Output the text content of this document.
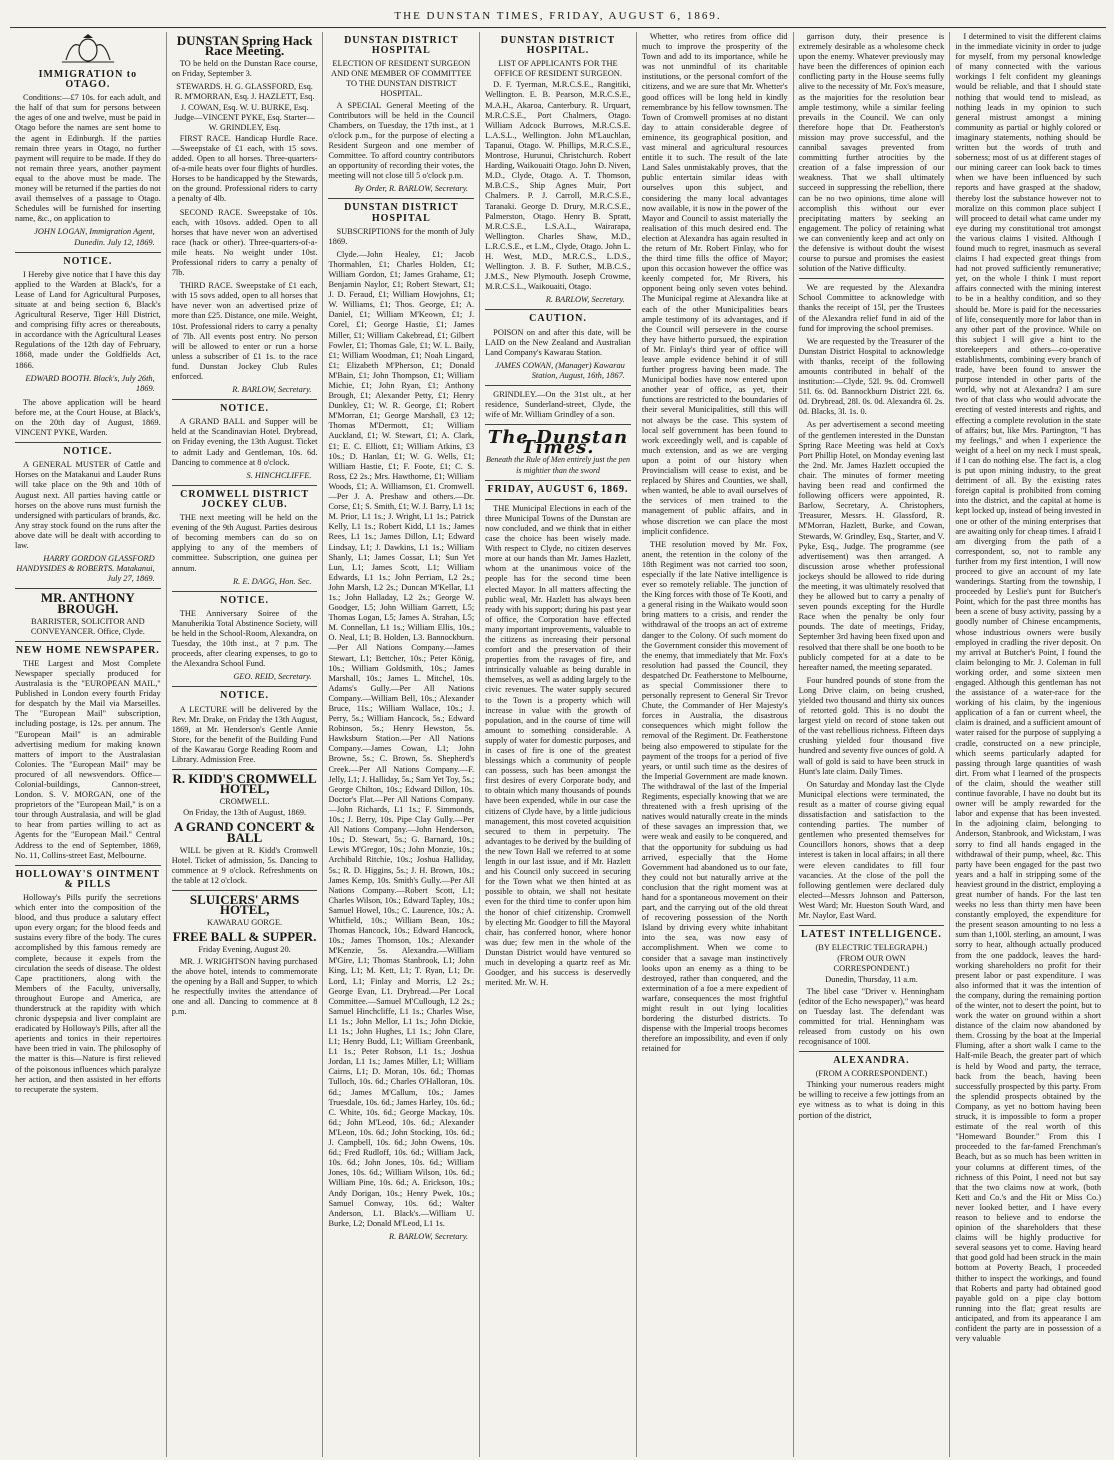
THE DUNSTAN TIMES, FRIDAY, AUGUST 6, 1869.
IMMIGRATION to OTAGO.

Conditions:—£7 10s. for each adult, and the half of that sum for persons between the ages of one and twelve, must be paid in Otago before the names are sent home to the agent in Edinburgh. If the parties remain three years in Otago, no further payment will require to be made. If they do not remain three years, another payment equal to the above must be made. The money will be returned if the parties do not avail themselves of a passage to Otago. Schedules will be furnished for inserting name, &c., on application to

JOHN LOGAN, Immigration Agent, Dunedin. July 12, 1869.
NOTICE.

I Hereby give notice that I have this day applied to the Warden at Black's, for a Lease of Land for Agricultural Purposes, situate at and being section 6, Black's Agricultural Reserve, Tiger Hill District, and comprising fifty acres or thereabouts, in accordance with the Agricultural Leases Regulations of the 12th day of February, 1868, made under the Goldfields Act, 1866.

EDWARD BOOTH. Black's, July 26th, 1869.

The above application will be heard before me, at the Court House, at Black's, on the 20th day of August, 1869. VINCENT PYKE, Warden.

NOTICE.

A GENERAL MUSTER of Cattle and Horses on the Matakanui and Lauder Runs will take place on the 9th and 10th of August next. All parties having cattle or horses on the above runs must furnish the undersigned with particulars of brands, &c. Any stray stock found on the runs after the above date will be dealt with according to law.

HARRY GORDON GLASSFORD HANDYSIDES & ROBERTS. Matakanui, July 27, 1869.
MR. ANTHONY BROUGH.
BARRISTER, SOLICITOR AND CONVEYANCER. Office, Clyde.
NEW HOME NEWSPAPER.

THE Largest and Most Complete Newspaper specially produced for Australasia is the "EUROPEAN MAIL," Published in London every fourth Friday for despatch by the Mail via Marseilles. The "European Mail" subscription, including postage, is 12s. per annum. The "European Mail" is an admirable advertising medium for making known matters of import to the Australasian Colonies. The "European Mail" may be procured of all newsvendors. Office—Colonial-buildings, Cannon-street, London. S. V. MORGAN, one of the proprietors of the "European Mail," is on a tour through Australasia, and will be glad to hear from parties willing to act as Agents for the "European Mail." Central Address to the end of September, 1869, No. 11, Collins-street East, Melbourne.

HOLLOWAY'S OINTMENT & PILLS

Holloway's Pills purify the secretions which enter into the composition of the blood, and thus produce a salutary effect upon every organ; for the blood feeds and sustains every fibre of the body. The cures accomplished by this famous remedy are complete, because it expels from the circulation the seeds of disease. The oldest Cape practitioners, along with the Members of the Faculty, universally, throughout Europe and America, are thunderstruck at the rapidity with which chronic dyspepsia and liver complaint are eradicated by Holloway's Pills, after all the aperients and tonics in their repertoires have been tried in vain. The philosophy of the matter is this—Nature is first relieved of the poisonous influences which paralyze her action, and then assisted in her efforts to recuperate the system.

DUNSTAN Spring Hack Race Meeting.

TO be held on the Dunstan Race course, on Friday, September 3.

STEWARDS. H. G. GLASSFORD, Esq. R. M'MORRAN, Esq. J. HAZLETT, Esq. J. COWAN, Esq. W. U. BURKE, Esq. Judge—VINCENT PYKE, Esq. Starter—W. GRINDLEY, Esq.

FIRST RACE. Handicap Hurdle Race.—Sweepstake of £1 each, with 15 sovs. added. Open to all horses. Three-quarters-of-a-mile heats over four flights of hurdles. Horses to be handicapped by the Stewards, on the ground. Professional riders to carry a penalty of 4lb.

SECOND RACE. Sweepstake of 10s. each, with 10sovs. added. Open to all horses that have never won an advertised race (hack or other). Three-quarters-of-a-mile heats. No weight under 10st. Professional riders to carry a penalty of 7lb.

THIRD RACE. Sweepstake of £1 each, with 15 sovs added, open to all horses that have never won an advertised prize of more than £25. Distance, one mile. Weight, 10st. Professional riders to carry a penalty of 7lb. All events post entry. No person will be allowed to enter or run a horse unless a subscriber of £1 1s. to the race fund. Dunstan Jockey Club Rules enforced.

R. BARLOW, Secretary.
NOTICE.

A GRAND BALL and Supper will be held at the Scandinavian Hotel. Drybread, on Friday evening, the 13th August. Ticket to admit Lady and Gentleman, 10s. 6d. Dancing to commence at 8 o'clock.

S. HINCHCLIFFE.
CROMWELL DISTRICT JOCKEY CLUB.

THE next meeting will be held on the evening of the 9th August. Parties desirous of becoming members can do so on applying to any of the members of committee. Subscription, one guinea per annum.

R. E. DAGG, Hon. Sec.
NOTICE.

THE Anniversary Soiree of the Manuherikia Total Abstinence Society, will be held in the School-Room, Alexandra, on Tuesday, the 10th inst., at 7 p.m. The proceeds, after clearing expenses, to go to the Alexandra School Fund.

GEO. REID, Secretary.
NOTICE.

A LECTURE will be delivered by the Rev. Mr. Drake, on Friday the 13th August, 1869, at Mr. Henderson's Gentle Annie Store, for the benefit of the Building Fund of the Kawarau Gorge Reading Room and Library. Admission Free.

R. KIDD'S CROMWELL HOTEL,
CROMWELL.
On Friday, the 13th of August, 1869.
A GRAND CONCERT & BALL

WILL be given at R. Kidd's Cromwell Hotel. Ticket of admission, 5s. Dancing to commence at 9 o'clock. Refreshments on the table at 12 o'clock.

SLUICERS' ARMS HOTEL,
KAWARAU GORGE.
FREE BALL & SUPPER.
Friday Evening, August 20.

MR. J. WRIGHTSON having purchased the above hotel, intends to commemorate the opening by a Ball and Supper, to which he respectfully invites the attendance of one and all. Dancing to commence at 8 p.m.

DUNSTAN DISTRICT HOSPITAL
ELECTION OF RESIDENT SURGEON AND ONE MEMBER OF COMMITTEE TO THE DUNSTAN DISTRICT HOSPITAL.

A SPECIAL General Meeting of the Contributors will be held in the Council Chambers, on Tuesday, the 17th inst., at 1 o'clock p.m., for the purpose of electing a Resident Surgeon and one member of Committee. To afford country contributors an opportunity of recording their votes, the meeting will not close till 5 o'clock p.m.

By Order, R. BARLOW, Secretary.
DUNSTAN DISTRICT HOSPITAL

SUBSCRIPTIONS for the month of July 1869.

Clyde.—John Healey, £1; Jacob Thormahlen, £1; Charles Holden, £1; William Gordon, £1; James Grahame, £1; Benjamin Naylor, £1; Robert Stewart, £1; J. D. Feraud, £1; William Howjohns, £1; W. Williams, £1; Thos. George, £1; A. Daniel, £1; William M'Keown, £1; J. Corel, £1; George Hastie, £1; James Miller, £1; William Cakebread, £1; Gilbert Fowler, £1; Thomas Gale, £1; W. L. Baily, £1; William Woodman, £1; Noah Lingard, £1; Elizabeth M'Pherson, £1; Donald M'Bain, £1; John Thompson, £1; William Michie, £1; John Ryan, £1; Anthony Brough, £1; Alexander Petty, £1; Henry Dunkley, £1; W. R. George, £1; Robert M'Morran, £1; George Marshall, £3 12; Thomas M'Dermott, £1; William Auckland, £1; W. Stewart, £1; A. Clark, £1; E. C. Elliott, £1; William Atkins, £3 10s.; D. Hanlan, £1; W. G. Wells, £1; William Hastie, £1; F. Foote, £1; C. S. Ross, £2 2s.; Mrs. Hawthorne, £1; William Woods, £1; A. Williamson, £1. Cromwell.—Per J. A. Preshaw and others.—Dr. Corse, £1; S. Smith, £1; W. J. Barry, L1 1s; M. Prior, L1 1s.; J. Wright, L1 1s.; Patrick Kelly, L1 1s.; Robert Kidd, L1 1s.; James Rees, L1 1s.; James Dillon, L1; Edward Lindsay, L1; J. Dawkins, L1 1s.; William Shanly, L1; James Cossar, L1; Sun Yet Lun, L1; James Scott, L1; William Edwards, L1 1s.; John Perriam, L2 2s.; John Marsh, L2 2s.; Duncan M'Kellar, L1 1s.; John Halladay, L2 2s.; George W. Goodger, L5; John William Garrett, L5; Thomas Logan, L5; James A. Strahan, L5; M. Connellan, L1 1s.; William Ellis, 10s.; O. Neal, L1; B. Holden, L3. Bannockburn.—Per All Nations Company.—James Stewart, L1; Bettcher, 10s.; Peter König, 10s.; William Goldsmith, 10s.; James Marshall, 10s.; James L. Mitchel, 10s. Adams's Gully.—Per All Nations Company.—William Bell, 10s.; Alexander Bruce, 11s.; William Wallace, 10s.; J. Perry, 5s.; William Hancock, 5s.; Edward Robinson, 5s.; Henry Hewston, 5s. Hawksburn Station.—Per All Nations Company.—James Cowan, L1; John Browne, 5s.; C. Brown, 5s. Shepherd's Creek.—Per All Nations Company.—F. Jelly, L1; J. Halliday, 5s.; Sam Yet Toy, 5s.; George Chilton, 10s.; Edward Dillon, 10s. Doctor's Flat.—Per All Nations Company.—John Richards, L1 1s.; F. Simmonds, 10s.; J. Berry, 10s. Pipe Clay Gully.—Per All Nations Company.—John Henderson, 10s.; D. Stewart, 5s.; G. Barnard, 10s.; Lewis M'Gregor, 10s.; John Monzie, 10s.; Archibald Ritchie, 10s.; Joshua Halliday, 5s.; R. D. Higgins, 5s.; J. H. Brown, 10s.; James Kemp, 10s. Smith's Gully.—Per All Nations Company.—Robert Scott, L1; Charles Wilson, 10s.; Edward Tapley, 10s.; Samuel Howel, 10s.; C. Laurence, 10s.; A. Whitfield, 10s.; William Bean, 10s.; Thomas Hancock, 10s.; Edward Hancock, 10s.; James Thomson, 10s.; Alexander M'Kenzie, 5s. Alexandra.—William M'Gire, L1; Thomas Stanbrook, L1; John King, L1; M. Kett, L1; T. Ryan, L1; Dr. Lord, L1; Finlay and Morris, L2 2s.; George Evan, L1. Drybread.—Per Local Committee.—Samuel M'Cullough, L2 2s.; Samuel Hinchcliffe, L1 1s.; Charles Wise, L1 1s.; John Mellor, L1 1s.; John Dickie, L1 1s.; John Hughes, L1 1s.; John Clare, L1; Henry Budd, L1; William Greenbank, L1 1s.; Peter Robson, L1 1s.; Joshua Jordan, L1 1s.; James Miller, L1; William Cairns, L1; D. Moran, 10s. 6d.; Thomas Tulloch, 10s. 6d.; Charles O'Halloran, 10s. 6d.; James M'Callum, 10s.; James Truesdale, 10s. 6d.; James Harley, 10s. 6d.; C. White, 10s. 6d.; George Mackay, 10s. 6d.; John M'Leod, 10s. 6d.; Alexander M'Leon, 10s. 6d.; John Stocking, 10s. 6d.; J. Campbell, 10s. 6d.; John Owens, 10s. 6d.; Fred Rudloff, 10s. 6d.; William Jack, 10s. 6d.; John Jones, 10s. 6d.; William Jones, 10s. 6d.; William Wilson, 10s. 6d.; William Pine, 10s. 6d.; A. Erickson, 10s.; Andy Dorigan, 10s.; Henry Pwek, 10s.; Samuel Conway, 10s. 6d.; Walter Anderson, L1. Black's.—William U. Burke, L2; Donald M'Leod, L1 1s.

R. BARLOW, Secretary.
DUNSTAN DISTRICT HOSPITAL.
LIST OF APPLICANTS FOR THE OFFICE OF RESIDENT SURGEON.

D. F. Tyerman, M.R.C.S.E., Rangitiki, Wellington. E. B. Pearson, M.R.C.S.E., M.A.H., Akaroa, Canterbury. R. Urquart, M.R.C.S.E., Port Chalmers, Otago. William Adcock Burrows, M.R.C.S.E. L.A.S.L., Wellington. John M'Lauchlan, Tapanui, Otago. W. Phillips, M.R.C.S.E., Montrose, Hurunui, Christchurch. Robert Harding, Waikouaiti Otago. John D. Niven, M.D., Clyde, Otago. A. T. Thomson, M.B.C.S., Ship Agnes Muir, Port Chalmers. P. J. Carroll, M.R.C.S.E., Taranaki. George D. Drury, M.R.C.S.E., Palmerston, Otago. Henry B. Spratt, M.R.C.S.E., L.S.A.L., Wairarapa, Wellington. Charles Shaw, M.D., L.R.C.S.E., et L.M., Clyde, Otago. John L. H. West, M.D., M.R.C.S., L.D.S., Wellington. J. B. F. Suther, M.B.C.S., J.M.S., New Plymouth. Joseph Crowme, M.R.C.S.L., Waikouaiti, Otago.

R. BARLOW, Secretary.
CAUTION.

POISON on and after this date, will be LAID on the New Zealand and Australian Land Company's Kawarau Station.

JAMES COWAN, (Manager) Kawarau Station, August, 16th, 1867.

GRINDLEY.—On the 31st ult., at her residence, Sunderland-street, Clyde, the wife of Mr. William Grindley of a son.

The Dunstan Times.
Beneath the Rule of Men entirely just the pen is mightier than the sword
FRIDAY, AUGUST 6, 1869.

THE Municipal Elections in each of the three Municipal Towns of the Dunstan are now concluded, and we think that in either case the choice has been wisely made. With respect to Clyde, no citizen deserves more at our hands than Mr. James Hazlett, whom at the unanimous voice of the people has for the second time been elected Mayor. In all matters affecting the public weal, Mr. Hazlett has always been ready with his support; during his past year of office, the Corporation have effected many important improvements, valuable to the citizens as increasing their personal comfort and the preservation of their properties from the ravages of fire, and intrinsically valuable as being durable in themselves, as well as adding largely to the civic revenues. The water supply secured to the Town is a property which will increase in value with the growth of population, and in the course of time will amount to something considerable. A supply of water for domestic purposes, and in cases of fire is one of the greatest blessings which a community of people can possess, such has been amongst the first desires of every Corporate body, and to obtain which many thousands of pounds have been expended, while in our case the citizens of Clyde have, by a little judicious management, this most coveted acquisition secured to them in perpetuity. The advantages to be derived by the building of the new Town Hall we referred to at some length in our last issue, and if Mr. Hazlett and his Council only succeed in securing for the Town what we then hinted at as possible to obtain, we shall not hesitate even for the third time to confer upon him the honor of chief citizenship. Cromwell by electing Mr. Goodger to fill the Mayoral chair, has conferred honor, where honor was due; few men in the whole of the Dunstan District would have ventured so much in developing a quartz reef as Mr. Goodger, and his success is deservedly merited. Mr. W. H.

Whetter, who retires from office did much to improve the prosperity of the Town and add to its importance, while he was not unmindful of its charitable institutions, or the personal comfort of the citizens, and we are sure that Mr. Whetter's good offices will be long held in kindly remembrance by his fellow townsmen. The Town of Cromwell promises at no distant day to attain considerable degree of eminence, its geographical position, and vast mineral and agricultural resources entitle it to such. The result of the late Land Sales unmistakably proves, that the public entertain similar ideas with ourselves upon this subject, and considering the many local advantages now available, it is now in the power of the Mayor and Council to assist materially the realisation of this much desired end. The election at Alexandra has again resulted in the return of Mr. Robert Finlay, who for the third time fills the office of Mayor; upon this occasion however the office was keenly competed for, Mr Rivers, his opponent being only seven votes behind. The Municipal regime at Alexandra like at each of the other Municipalities bears ample testimony of its advantages, and if the Council will persevere in the course they have hitherto pursued, the expiration of Mr. Finlay's third year of office will leave ample evidence behind it of still further progress having been made. The Municipal bodies have now entered upon another year of office, as yet, their functions are restricted to the boundaries of their several Municipalities, still this will not always be the case. This system of local self government has been found to work exceedingly well, and is capable of much extension, and as we are verging upon a point of our history when Provincialism will cease to exist, and be replaced by Shires and Counties, we shall, when wanted, be able to avail ourselves of the services of men trained to the management of public affairs, and in whose discretion we can place the most implicit confidence.

THE resolution moved by Mr. Fox, anent, the retention in the colony of the 18th Regiment was not carried too soon, especially if the late Native intelligence is ever so remotely reliable. The junction of the King forces with those of Te Kooti, and a general rising in the Waikato would soon bring matters to a crisis, and render the withdrawal of the troops an act of extreme danger to the Colony. Of such moment do the Government consider this movement of the enemy, that immediately that Mr. Fox's resolution had passed the Council, they despatched Dr. Featherstone to Melbourne, as special Commissioner there to personally represent to General Sir Trevor Chute, the Commander of Her Majesty's forces in Australia, the disastrous consequences which might follow the removal of the Regiment. Dr. Featherstone being also empowered to stipulate for the payment of the troops for a period of five years, or until such time as the desires of the Imperial Government are made known. The withdrawal of the last of the Imperial Regiments, especially knowing that we are threatened with a fresh uprising of the natives would naturally create in the minds of these savages an impression that, we were weak and easily to be conquered, and that the opportunity for subduing us had arrived, especially that the Home Government had abandoned us to our fate, they could not but naturally arrive at the conclusion that the right moment was at hand for a spontaneous movement on their part, and the carrying out of the old threat of recovering possession of the North Island by driving every white inhabitant into the sea, was now easy of accomplishment. When we come to consider that a savage man instinctively looks upon an enemy as a thing to be destroyed, rather than conquered, and the extermination of a foe a mere expedient of warfare, consequences the most frightful might result in out lying localities bordering the disturbed districts. To dispense with the Imperial troops becomes therefore an impossibility, and even if only retained for

garrison duty, their presence is extremely desirable as a wholesome check upon the enemy. Whatever previously may have been the differences of opinion each conflicting party in the House seems fully alive to the necessity of Mr. Fox's measure, as the majorities for the resolution bear ample testimony, while a similar feeling prevails in the Council. We can only therefore hope that Dr. Featherston's mission may prove successful, and the cannibal savages prevented from committing further atrocities by the creation of a false impression of our weakness. That we shall ultimately succeed in suppressing the rebellion, there can be no two opinions, time alone will accomplish this without our ever precipitating matters by seeking an engagement. The policy of retaining what we can conveniently keep and act only on the defensive is without doubt the wisest course to pursue and promises the easiest solution of the Native difficulty.

We are requested by the Alexandra School Committee to acknowledge with thanks the receipt of 15l, per the Trustees of the Alexandra relief fund in aid of the fund for improving the school premises.

We are requested by the Treasurer of the Dunstan District Hospital to acknowledge with thanks, receipt of the following amounts contributed in behalf of the institution:—Clyde, 52l. 9s. 0d. Cromwell 51l. 6s. 0d. Bannockburn District 22l. 6s. 0d. Drybread, 28l. 0s. 0d. Alexandra 6l. 2s. 0d. Blacks, 3l. 1s. 0.

As per advertisement a second meeting of the gentlemen interested in the Dunstan Spring Race Meeting was held at Cox's Port Phillip Hotel, on Monday evening last the 2nd. Mr. James Hazlett occupied the chair. The minutes of former meeting having been read and confirmed the following officers were appointed, R. Barlow, Secretary, A. Christophers, Treasurer, Messrs. H. Glassford, R. M'Morran, Hazlett, Burke, and Cowan, Stewards, W. Grindley, Esq., Starter, and V. Pyke, Esq., Judge. The programme (see advertisement) was then arranged. A discussion arose whether professional jockeys should be allowed to ride during the meeting, it was ultimately resolved that they be allowed but to carry a penalty of seven pounds excepting for the Hurdle Race when the penalty be only four pounds. The date of meetings, Friday, September 3rd having been fixed upon and resolved that there shall be one booth to be publicly competed for at a date to be hereafter named, the meeting separated.

Four hundred pounds of stone from the Long Drive claim, on being crushed, yielded two thousand and thirty six ounces of retorted gold. This is no doubt the largest yield on record of stone taken out of the vast rebellious richness. Fifteen days crushing yielded four thousand five hundred and seventy five ounces of gold. A wall of gold is said to have been struck in Hunt's late claim. Daily Times.

On Saturday and Monday last the Clyde Municipal elections were terminated, the result as a matter of course giving equal dissatisfaction and satisfaction to the contending parties. The number of gentlemen who presented themselves for Councillors honors, shows that a deep interest is taken in local affairs; in all there were eleven candidates to fill four vacancies. At the close of the poll the following gentlemen were declared duly elected—Messrs Johnson and Patterson, West Ward; Mr. Hueston South Ward, and Mr. Naylor, East Ward.

LATEST INTELLIGENCE.
(BY ELECTRIC TELEGRAPH.)
(FROM OUR OWN CORRESPONDENT.)
Dunedin, Thursday, 11 a.m.

The libel case "Driver v. Henningham (editor of the Echo newspaper)," was heard on Tuesday last. The defendant was committed for trial. Henningham was released from custody on his own recognisance of 100l.

ALEXANDRA.
(FROM A CORRESPONDENT.)

Thinking your numerous readers might be willing to receive a few jottings from an eye witness as to what is doing in this portion of the district,

I determined to visit the different claims in the immediate vicinity in order to judge for myself, from my personal knowledge of many connected with the various workings I felt confident my gleanings would be reliable, and that I should state nothing that would tend to mislead, as nothing leads in my opinion to such general mistrust amongst a mining community as partial or highly colored or imaginary statements, nothing should be written but the words of truth and soberness; most of us at different stages of our mining career can look back to times when we have been influenced by such reports and have grasped at the shadow, thereby lost the substance however not to moralize on this common place subject I will proceed to detail what came under my eye during my constitutional trot amongst the various claims I visited. Although I found much to regret, inasmuch as several claims I had expected great things from had not proved sufficiently remunerative; yet, on the whole I think I must report affairs connected with the mining interest to be in a healthy condition, and so they should be. More is paid for the necessaries of life, consequently more for labor than in any other part of the province. While on this subject I will give a hint to the storekeepers and others—co-operative establishments, combining every branch of trade, have been found to answer the purpose intended in other parts of the world, why not at Alexandra? I am sure two of that class who would advocate the erecting of vested interests and rights, and effecting a complete revolution in the state of affairs; but, like Mrs. Partington, "I has my feelings," and when I experience the weight of a heel on my neck I must speak, if I can do nothing else. The fact is, a clog is put upon mining industry, to the great detriment of all. By the existing rates foreign capital is prohibited from coming into the district, and the capital at home is kept locked up, instead of being invested in one or other of the mining enterprises that are awaiting only for cheap times. I afraid I am diverging from the path of a correspondent, so, not to ramble any further from my first intention, I will now proceed to give an account of my late wanderings. Starting from the township, I proceeded by Leslie's punt for Butcher's Point, which for the past three months has been a scene of busy activity, passing by a goodly number of Chinese encampments, whose industrious owners were busily employed in cradling the river deposit. On my arrival at Butcher's Point, I found the claim belonging to Mr. J. Coleman in full working order, and some sixteen men engaged. Although this gentleman has not the assistance of a water-race for the working of his claim, by the ingenious application of a fan or current wheel, the claim is drained, and a sufficient amount of water raised for the purpose of supplying a cradle, constructed on a new principle, which seems particularly adapted for passing through large quantities of wash dirt. From what I learned of the prospects of the claim, should the weather still continue favorable, I have no doubt but its owner will be amply rewarded for the labor and expense that has been invested. In the adjoining claim, belonging to Anderson, Stanbrook, and Wickstam, I was sorry to find all hands engaged in the withdrawal of their pump, wheel, &c. This party have been engaged for the past two years and a half in stripping some of the heaviest ground in the district, employing a great number of hands. For the last ten weeks no less than thirty men have been constantly employed, the expenditure for the present season amounting to no less a sum than 1,100l. sterling, an amount, I was sorry to hear, although actually produced from the one paddock, leaves the hard-working shareholders no profit for their present labor or past expenditure. I was also informed that it was the intention of the company, during the remaining portion of the winter, not to desert the point, but to work the water on ground within a short distance of the claim now abandoned by them. Crossing by the boat at the Imperial Fluming, after a short walk I came to the Half-mile Beach, the greater part of which is held by Wood and party, the terrace, back from the beach, having been successfully prospected by this party. From the splendid prospects obtained by the Company, as yet no bottom having been struck, it is impossible to form a proper estimate of the real worth of this "Homeward Bounder." From this I proceeded to the far-famed Frenchman's Beach, but as so much has been written in your columns at different times, of the richness of this Point, I need not but say that the two claims now at work, (both Kett and Co.'s and the Hit or Miss Co.) never looked better, and I have every reason to believe and to endorse the opinion of the shareholders that these claims will be highly productive for several seasons yet to come. Having heard that good gold had been struck in the main bottom at Poverty Beach, I proceeded thither to inspect the workings, and found that Roberts and party had obtained good payable gold on a pipe clay bottom running into the flat; great results are anticipated, and from its appearance I am confident the party are in possession of a very valuable
